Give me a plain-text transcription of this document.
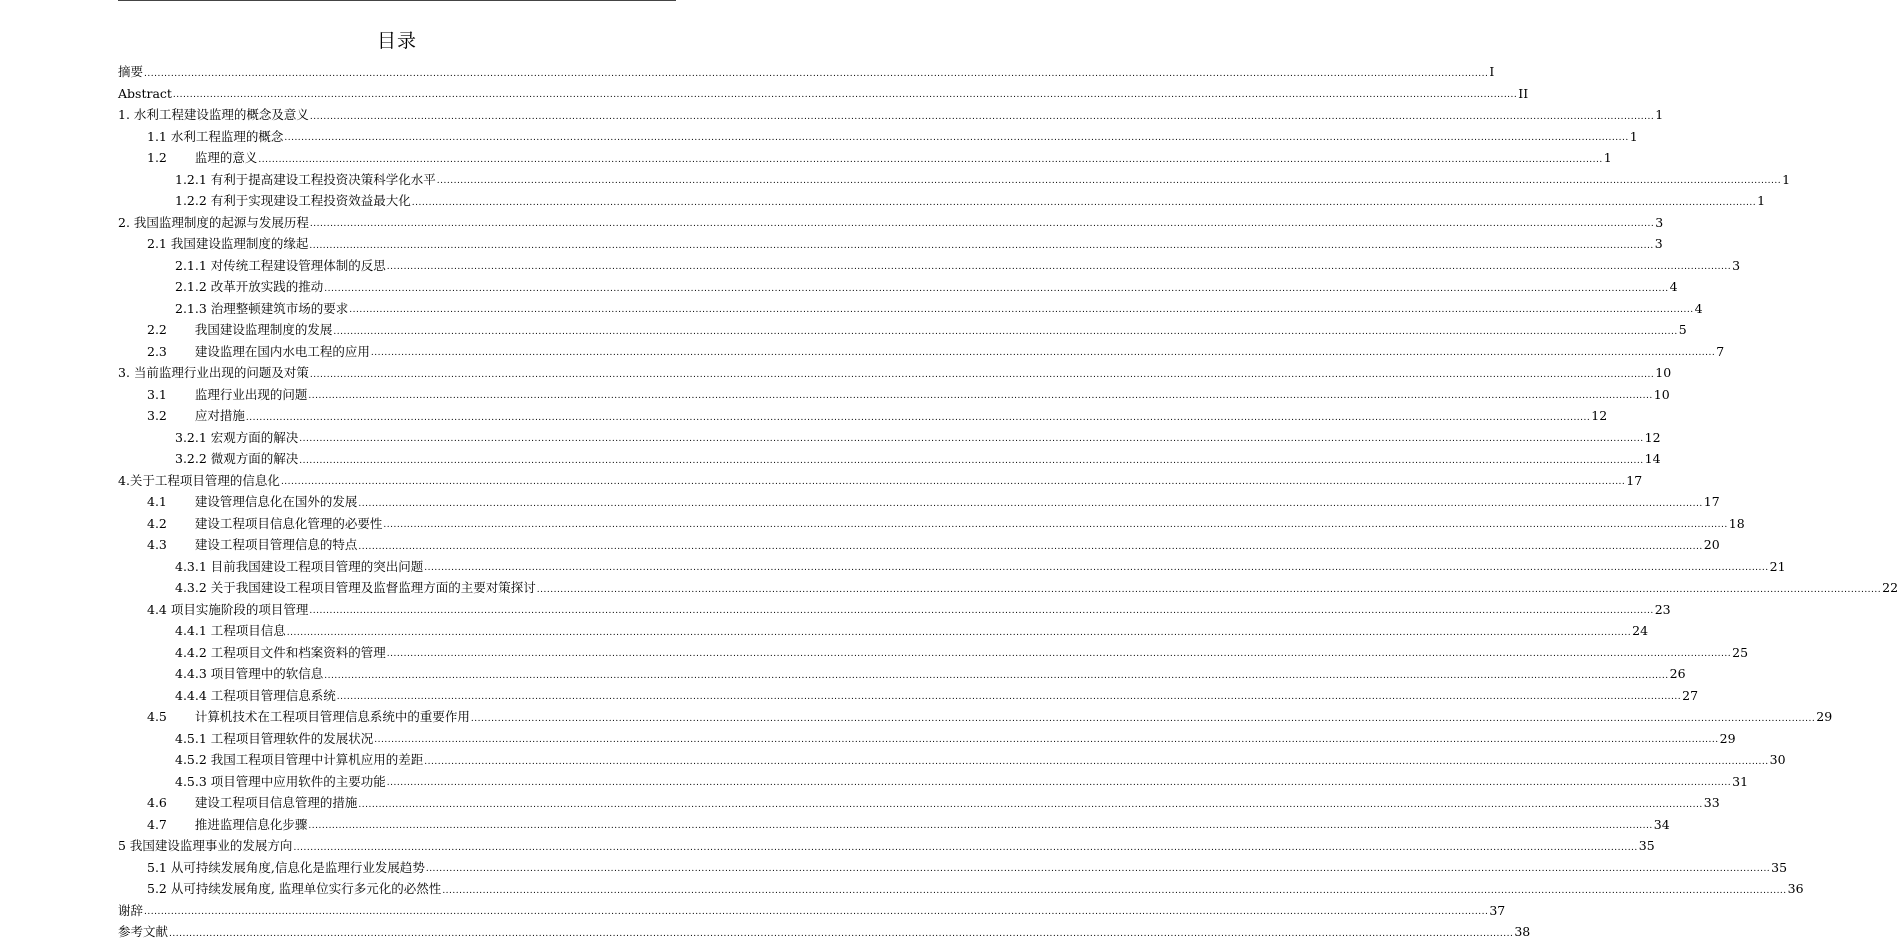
目录
摘要 ................................................................................................................................................................................................................................................................................................................................................................................................................ I
Abstract ................................................................................................................................................................................................................................................................................................................................................................................................................ II
1. 水利工程建设监理的概念及意义 ................................................................................................................................................................................................................................................................................................................................................................................................................ 1
1.1 水利工程监理的概念 ................................................................................................................................................................................................................................................................................................................................................................................................................ 1
1.2 监理的意义 ................................................................................................................................................................................................................................................................................................................................................................................................................ 1
1.2.1 有利于提高建设工程投资决策科学化水平 ................................................................................................................................................................................................................................................................................................................................................................................................................ 1
1.2.2 有利于实现建设工程投资效益最大化 ................................................................................................................................................................................................................................................................................................................................................................................................................ 1
2. 我国监理制度的起源与发展历程 ................................................................................................................................................................................................................................................................................................................................................................................................................ 3
2.1 我国建设监理制度的缘起 ................................................................................................................................................................................................................................................................................................................................................................................................................ 3
2.1.1 对传统工程建设管理体制的反思 ................................................................................................................................................................................................................................................................................................................................................................................................................ 3
2.1.2 改革开放实践的推动 ................................................................................................................................................................................................................................................................................................................................................................................................................ 4
2.1.3 治理整顿建筑市场的要求 ................................................................................................................................................................................................................................................................................................................................................................................................................ 4
2.2 我国建设监理制度的发展 ................................................................................................................................................................................................................................................................................................................................................................................................................ 5
2.3 建设监理在国内水电工程的应用 ................................................................................................................................................................................................................................................................................................................................................................................................................ 7
3. 当前监理行业出现的问题及对策 ................................................................................................................................................................................................................................................................................................................................................................................................................ 10
3.1 监理行业出现的问题 ................................................................................................................................................................................................................................................................................................................................................................................................................ 10
3.2 应对措施 ................................................................................................................................................................................................................................................................................................................................................................................................................ 12
3.2.1 宏观方面的解决 ................................................................................................................................................................................................................................................................................................................................................................................................................ 12
3.2.2 微观方面的解决 ................................................................................................................................................................................................................................................................................................................................................................................................................ 14
4.关于工程项目管理的信息化 ................................................................................................................................................................................................................................................................................................................................................................................................................ 17
4.1 建设管理信息化在国外的发展 ................................................................................................................................................................................................................................................................................................................................................................................................................ 17
4.2 建设工程项目信息化管理的必要性 ................................................................................................................................................................................................................................................................................................................................................................................................................ 18
4.3 建设工程项目管理信息的特点 ................................................................................................................................................................................................................................................................................................................................................................................................................ 20
4.3.1 目前我国建设工程项目管理的突出问题 ................................................................................................................................................................................................................................................................................................................................................................................................................ 21
4.3.2 关于我国建设工程项目管理及监督监理方面的主要对策探讨 ................................................................................................................................................................................................................................................................................................................................................................................................................ 22
4.4 项目实施阶段的项目管理 ................................................................................................................................................................................................................................................................................................................................................................................................................ 23
4.4.1 工程项目信息 ................................................................................................................................................................................................................................................................................................................................................................................................................ 24
4.4.2 工程项目文件和档案资料的管理 ................................................................................................................................................................................................................................................................................................................................................................................................................ 25
4.4.3 项目管理中的软信息 ................................................................................................................................................................................................................................................................................................................................................................................................................ 26
4.4.4 工程项目管理信息系统 ................................................................................................................................................................................................................................................................................................................................................................................................................ 27
4.5 计算机技术在工程项目管理信息系统中的重要作用 ................................................................................................................................................................................................................................................................................................................................................................................................................ 29
4.5.1 工程项目管理软件的发展状况 ................................................................................................................................................................................................................................................................................................................................................................................................................ 29
4.5.2 我国工程项目管理中计算机应用的差距 ................................................................................................................................................................................................................................................................................................................................................................................................................ 30
4.5.3 项目管理中应用软件的主要功能 ................................................................................................................................................................................................................................................................................................................................................................................................................ 31
4.6 建设工程项目信息管理的措施 ................................................................................................................................................................................................................................................................................................................................................................................................................ 33
4.7 推进监理信息化步骤 ................................................................................................................................................................................................................................................................................................................................................................................................................ 34
5 我国建设监理事业的发展方向 ................................................................................................................................................................................................................................................................................................................................................................................................................ 35
5.1 从可持续发展角度,信息化是监理行业发展趋势 ................................................................................................................................................................................................................................................................................................................................................................................................................ 35
5.2 从可持续发展角度, 监理单位实行多元化的必然性 ................................................................................................................................................................................................................................................................................................................................................................................................................ 36
谢辞 ................................................................................................................................................................................................................................................................................................................................................................................................................ 37
参考文献 ................................................................................................................................................................................................................................................................................................................................................................................................................ 38
